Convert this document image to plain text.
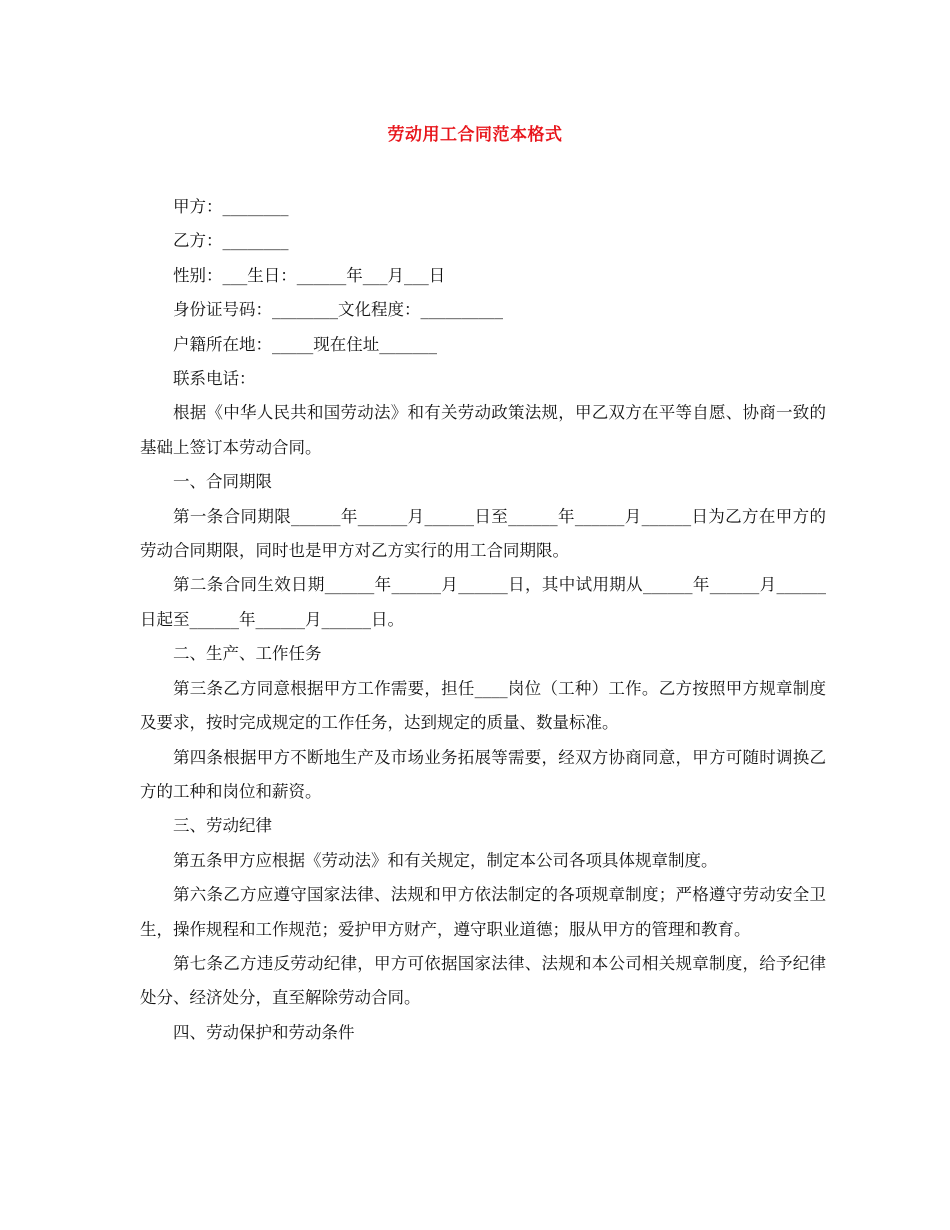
劳动用工合同范本格式

甲方：________

乙方：________

性别：___生日：______年___月___日

身份证号码：________文化程度：__________

户籍所在地：_____现在住址_______

联系电话：

根据《中华人民共和国劳动法》和有关劳动政策法规，甲乙双方在平等自愿、协商一致的基础上签订本劳动合同。

一、合同期限

第一条合同期限______年______月______日至______年______月______日为乙方在甲方的劳动合同期限，同时也是甲方对乙方实行的用工合同期限。

第二条合同生效日期______年______月______日，其中试用期从______年______月______日起至______年______月______日。

二、生产、工作任务

第三条乙方同意根据甲方工作需要，担任____岗位（工种）工作。乙方按照甲方规章制度及要求，按时完成规定的工作任务，达到规定的质量、数量标准。

第四条根据甲方不断地生产及市场业务拓展等需要，经双方协商同意，甲方可随时调换乙方的工种和岗位和薪资。

三、劳动纪律

第五条甲方应根据《劳动法》和有关规定，制定本公司各项具体规章制度。

第六条乙方应遵守国家法律、法规和甲方依法制定的各项规章制度；严格遵守劳动安全卫生，操作规程和工作规范；爱护甲方财产，遵守职业道德；服从甲方的管理和教育。

第七条乙方违反劳动纪律，甲方可依据国家法律、法规和本公司相关规章制度，给予纪律处分、经济处分，直至解除劳动合同。

四、劳动保护和劳动条件
